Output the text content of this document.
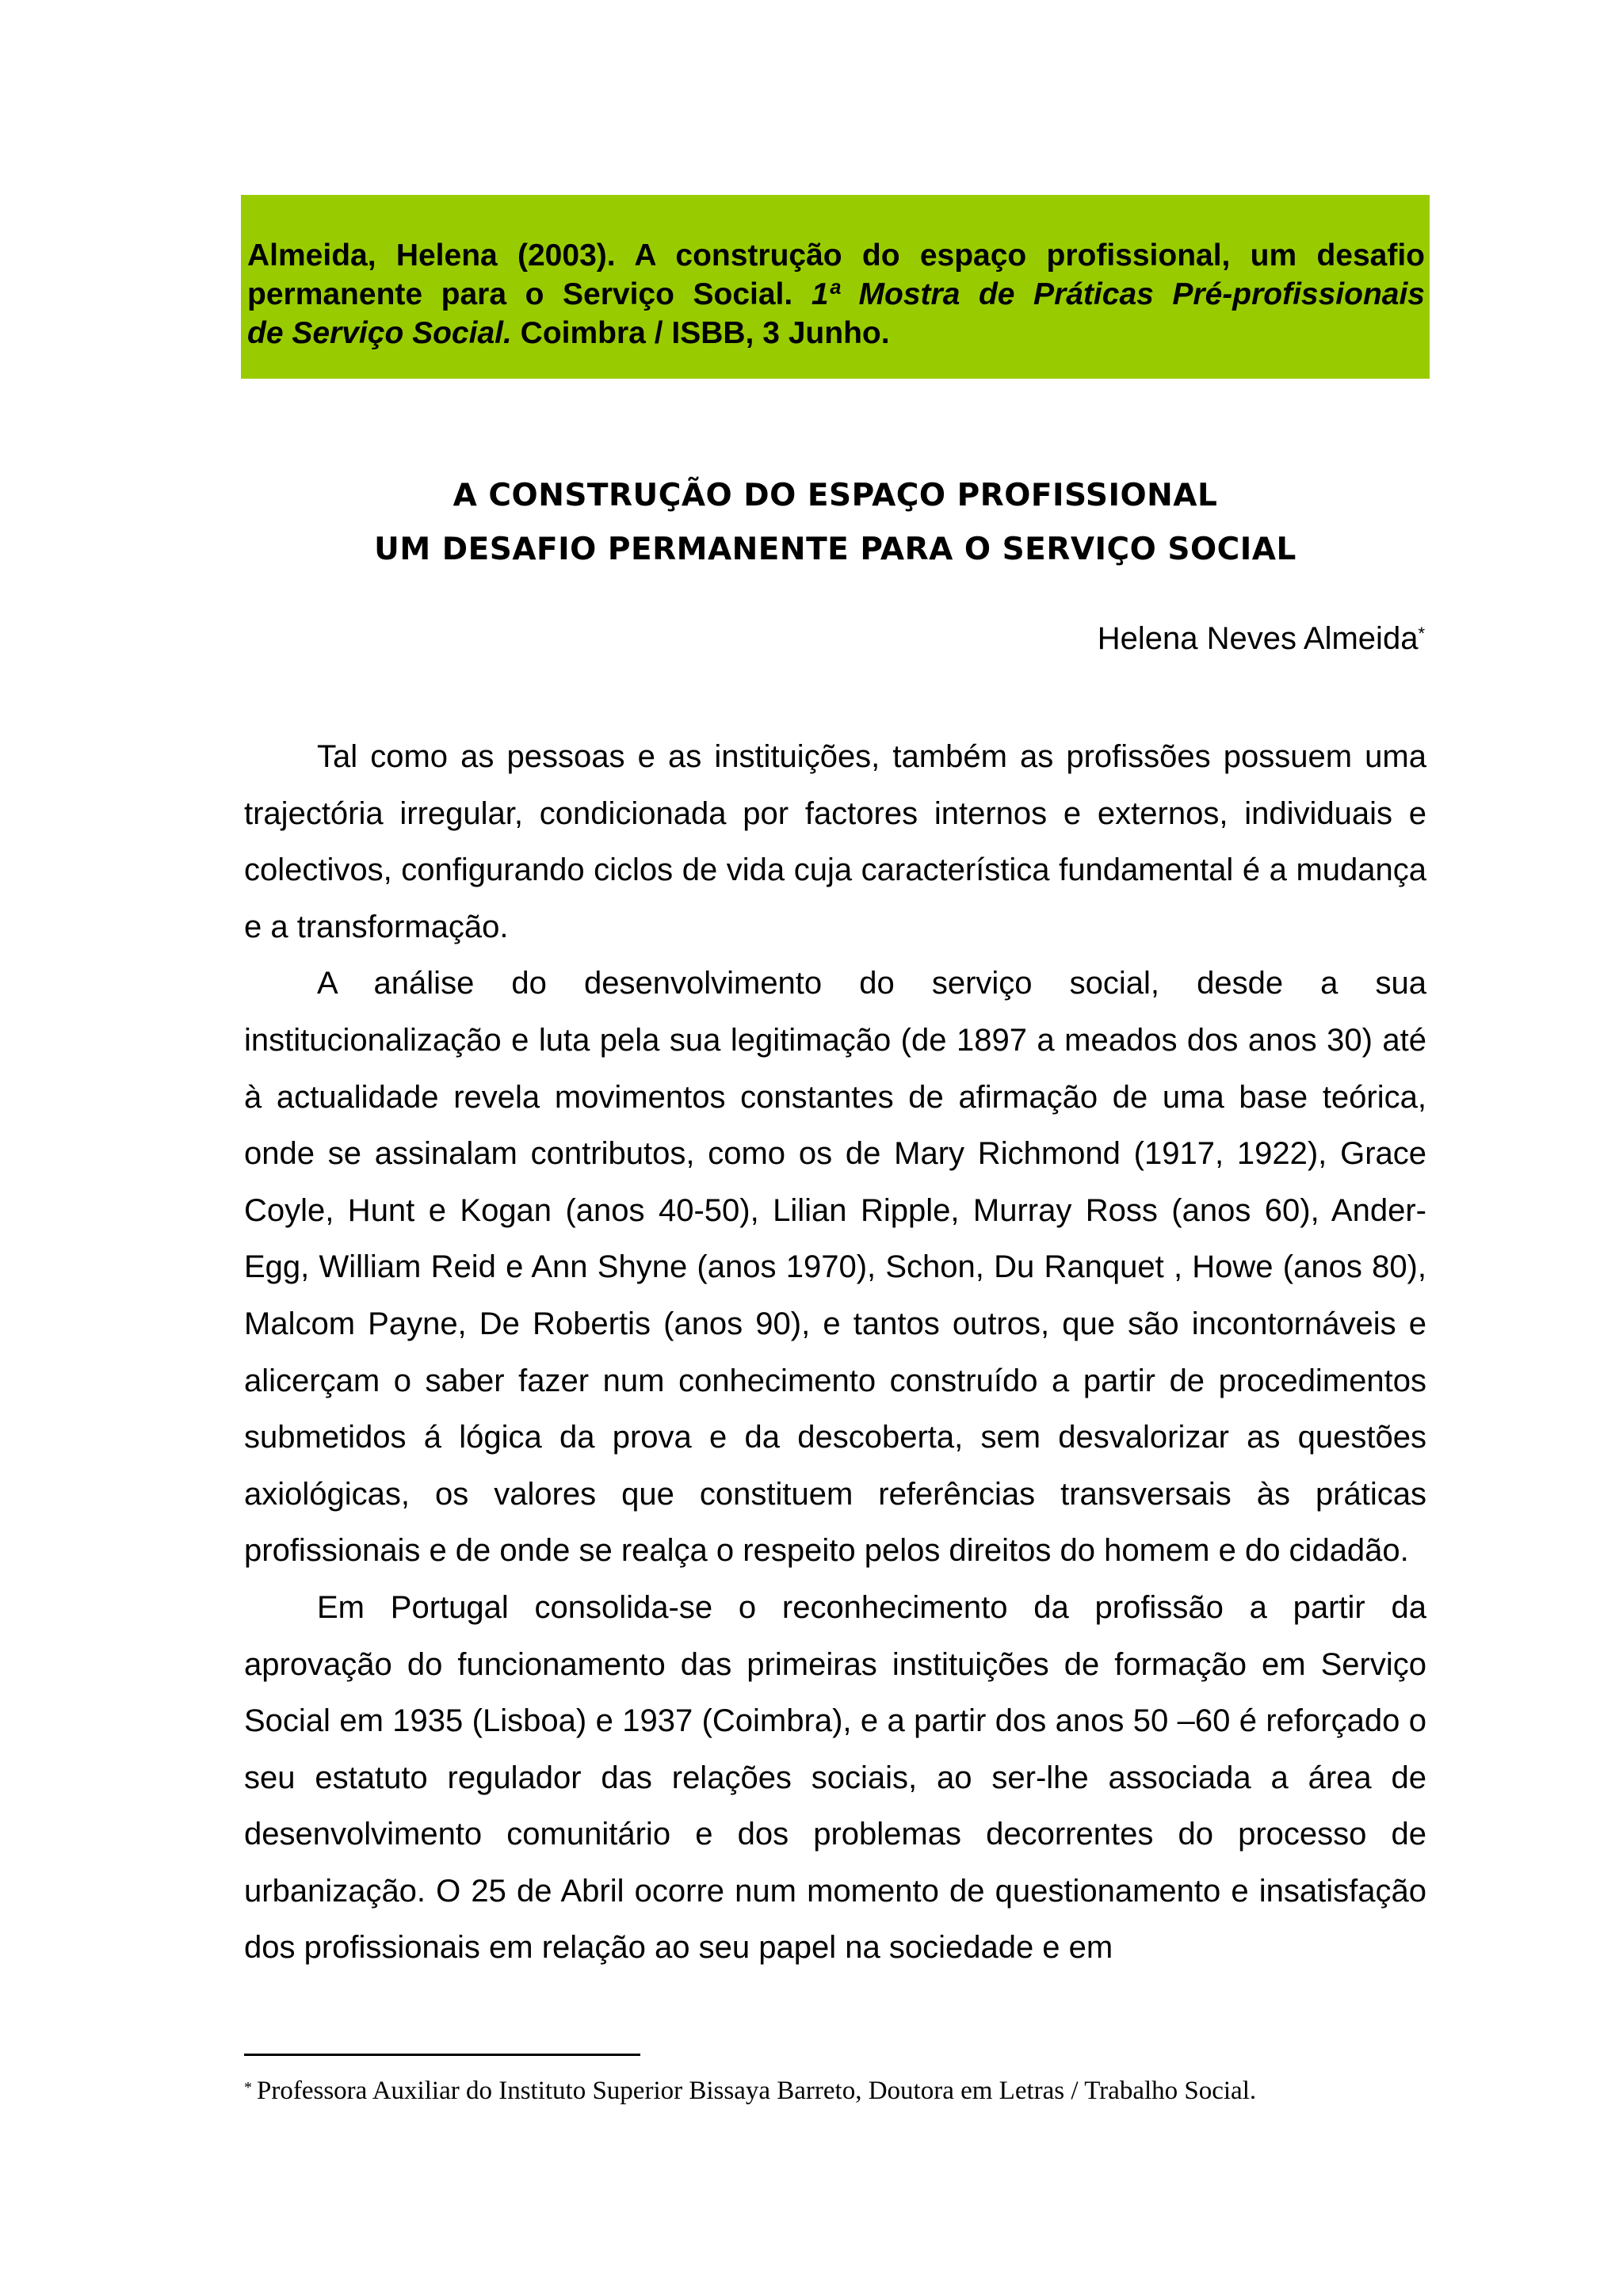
Almeida, Helena (2003). A construção do espaço profissional, um desafio
permanente para o Serviço Social. 1ª Mostra de Práticas Pré-profissionais
de Serviço Social. Coimbra / ISBB, 3 Junho.
A CONSTRUÇÃO DO ESPAÇO PROFISSIONAL
UM DESAFIO PERMANENTE PARA O SERVIÇO SOCIAL
Helena Neves Almeida*

Tal como as pessoas e as instituições, também as profissões possuem uma trajectória irregular, condicionada por factores internos e externos, individuais e colectivos, configurando ciclos de vida cuja característica fundamental é a mudança e a transformação.

A análise do desenvolvimento do serviço social, desde a sua institucionalização e luta pela sua legitimação (de 1897 a meados dos anos 30) até à actualidade revela movimentos constantes de afirmação de uma base teórica, onde se assinalam contributos, como os de Mary Richmond (1917, 1922), Grace Coyle, Hunt e Kogan (anos 40-50), Lilian Ripple, Murray Ross (anos 60), Ander-Egg, William Reid e Ann Shyne (anos 1970), Schon, Du Ranquet , Howe (anos 80), Malcom Payne, De Robertis (anos 90), e tantos outros, que são incontornáveis e alicerçam o saber fazer num conhecimento construído a partir de procedimentos submetidos á lógica da prova e da descoberta, sem desvalorizar as questões axiológicas, os valores que constituem referências transversais às práticas profissionais e de onde se realça o respeito pelos direitos do homem e do cidadão.

Em Portugal consolida-se o reconhecimento da profissão a partir da aprovação do funcionamento das primeiras instituições de formação em Serviço Social em 1935 (Lisboa) e 1937 (Coimbra), e a partir dos anos 50 –60 é reforçado o seu estatuto regulador das relações sociais, ao ser-lhe associada a área de desenvolvimento comunitário e dos problemas decorrentes do processo de urbanização. O 25 de Abril ocorre num momento de questionamento e insatisfação dos profissionais em relação ao seu papel na sociedade e em

* Professora Auxiliar do Instituto Superior Bissaya Barreto, Doutora em Letras / Trabalho Social.
